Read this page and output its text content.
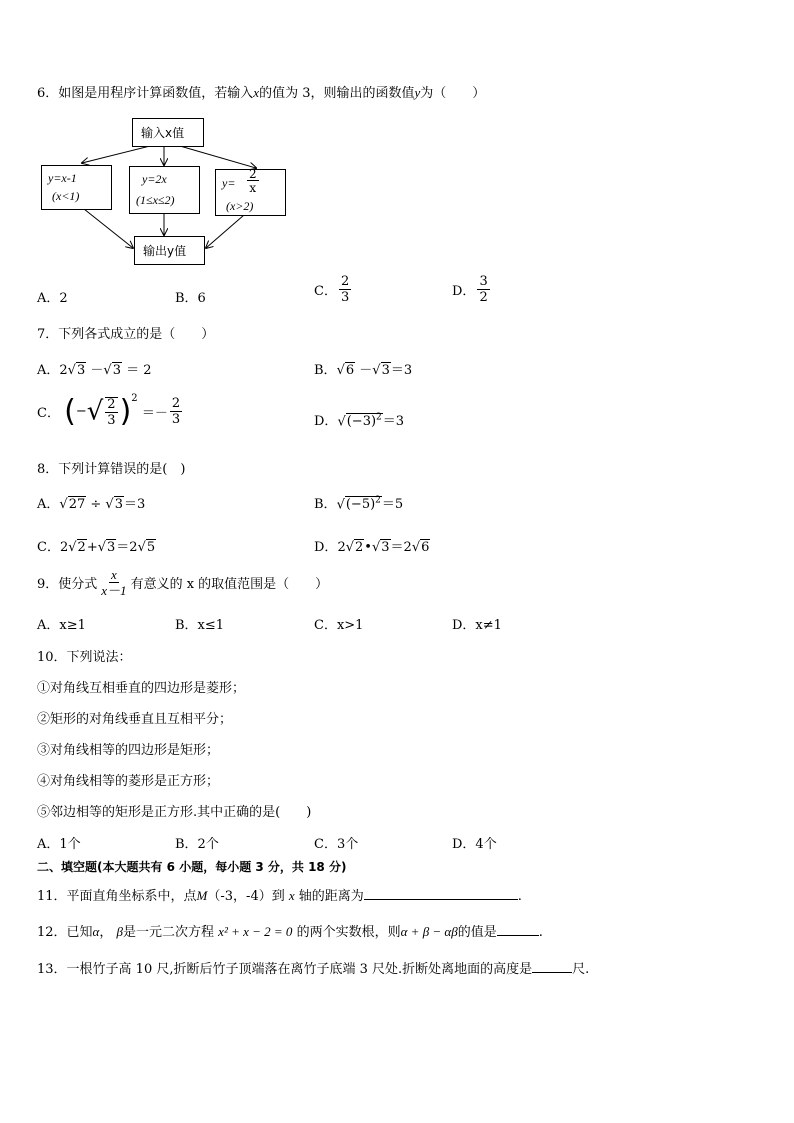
6．如图是用程序计算函数值，若输入x的值为 3，则输出的函数值y为（　　）
输入x值
y=x-1
(x<1)
y=2x
(1≤x≤2)
y=
2
x
(x>2)
输出y值
A．2	B．6	C． $\frac{2}{3}$	D． $\frac{3}{2}$
7．下列各式成立的是（　　）
A．2√3 －√3 ＝ 2	B．√6 －√3＝3
C． (−√ $\frac{2}{3} )^2 =- \frac{2}{3}$	D．$√(-3)^2=3$
8．下列计算错误的是(　)
A．√27 ÷ √3＝3	B．$√(-5)^2=5$
C．2√2+√3＝2√5	D．2√2•√3＝2√6
9．使分式 $\frac{x}{x-1}$ 有意义的 x 的取值范围是（　　）
A．x≥1	B．x≤1	C．x>1	D．x≠1
10．下列说法：
①对角线互相垂直的四边形是菱形；
②矩形的对角线垂直且互相平分；
③对角线相等的四边形是矩形；
④对角线相等的菱形是正方形；
⑤邻边相等的矩形是正方形.其中正确的是(　　)
A．1个	B．2个	C．3个	D．4个
二、填空题(本大题共有 6 小题，每小题 3 分，共 18 分)
11．平面直角坐标系中，点M（-3，-4）到 x 轴的距离为	.
12．已知α， β是一元二次方程 x² + x − 2 = 0 的两个实数根，则α + β − αβ的值是	.
13．一根竹子高 10 尺,折断后竹子顶端落在离竹子底端 3 尺处.折断处离地面的高度是	尺.
